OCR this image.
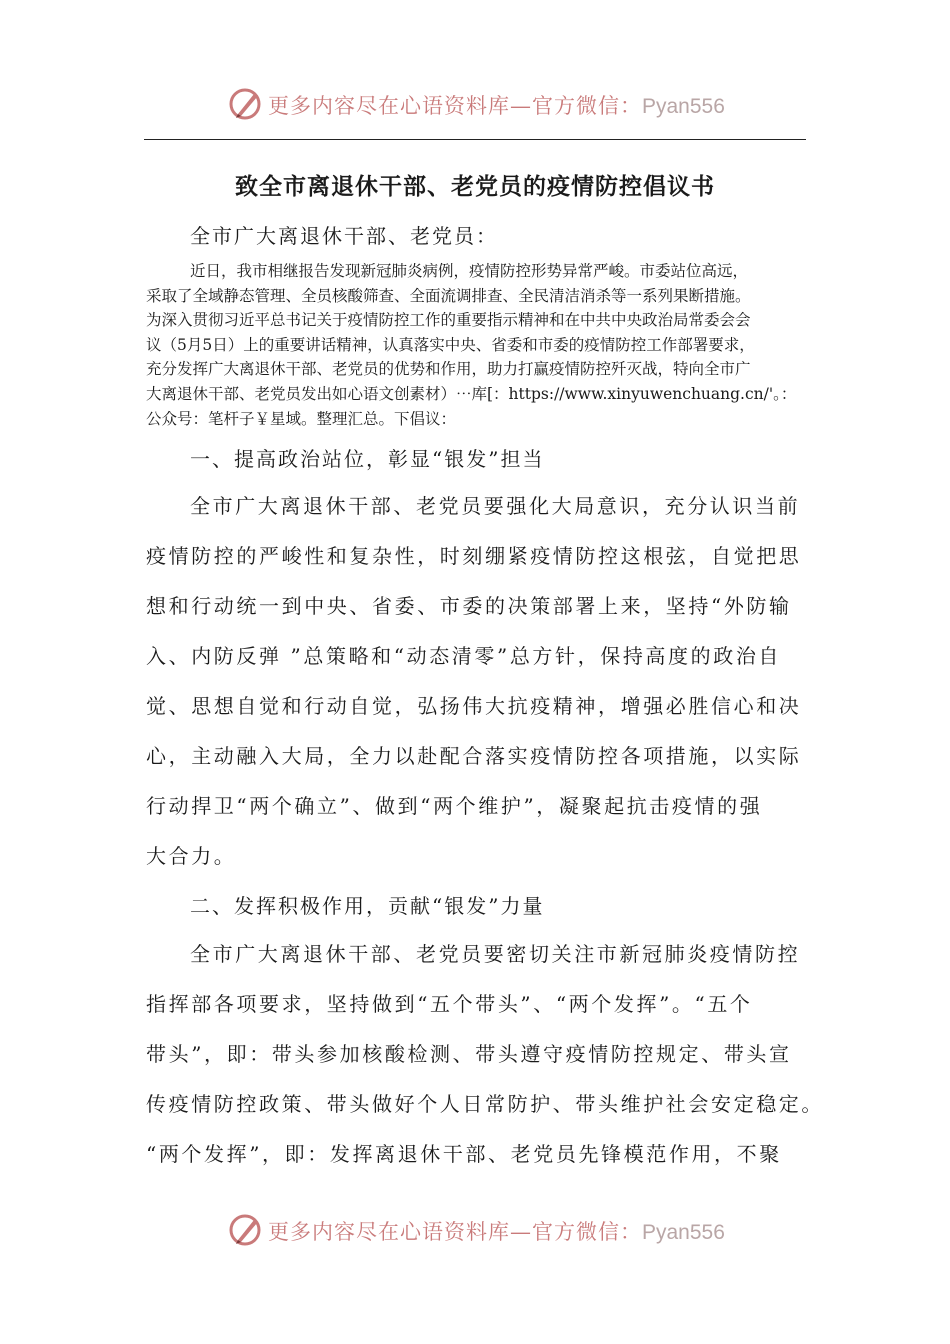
更多内容尽在心语资料库—官方微信：Pyan556
致全市离退休干部、老党员的疫情防控倡议书
全市广大离退休干部、老党员：
近日，我市相继报告发现新冠肺炎病例，疫情防控形势异常严峻。市委站位高远，
采取了全域静态管理、全员核酸筛查、全面流调排查、全民清洁消杀等一系列果断措施。
为深入贯彻习近平总书记关于疫情防控工作的重要指示精神和在中共中央政治局常委会会
议（5月5日）上的重要讲话精神，认真落实中央、省委和市委的疫情防控工作部署要求，
充分发挥广大离退休干部、老党员的优势和作用，助力打赢疫情防控歼灭战，特向全市广
大离退休干部、老党员发出如心语文创素材）⋯库[：https://www.xinyuwenchuang.cn/'。：
公众号：笔杆子￥星域。整理汇总。下倡议：
一、提高政治站位，彰显“银发”担当
全市广大离退休干部、老党员要强化大局意识，充分认识当前
疫情防控的严峻性和复杂性，时刻绷紧疫情防控这根弦，自觉把思
想和行动统一到中央、省委、市委的决策部署上来，坚持“外防输
入、内防反弹 ”总策略和“动态清零”总方针，保持高度的政治自
觉、思想自觉和行动自觉，弘扬伟大抗疫精神，增强必胜信心和决
心，主动融入大局，全力以赴配合落实疫情防控各项措施，以实际
行动捍卫“两个确立”、做到“两个维护”，凝聚起抗击疫情的强
大合力。
二、发挥积极作用，贡献“银发”力量
全市广大离退休干部、老党员要密切关注市新冠肺炎疫情防控
指挥部各项要求，坚持做到“五个带头”、“两个发挥”。“五个
带头”，即：带头参加核酸检测、带头遵守疫情防控规定、带头宣
传疫情防控政策、带头做好个人日常防护、带头维护社会安定稳定。
“两个发挥”，即：发挥离退休干部、老党员先锋模范作用，不聚
更多内容尽在心语资料库—官方微信：Pyan556
